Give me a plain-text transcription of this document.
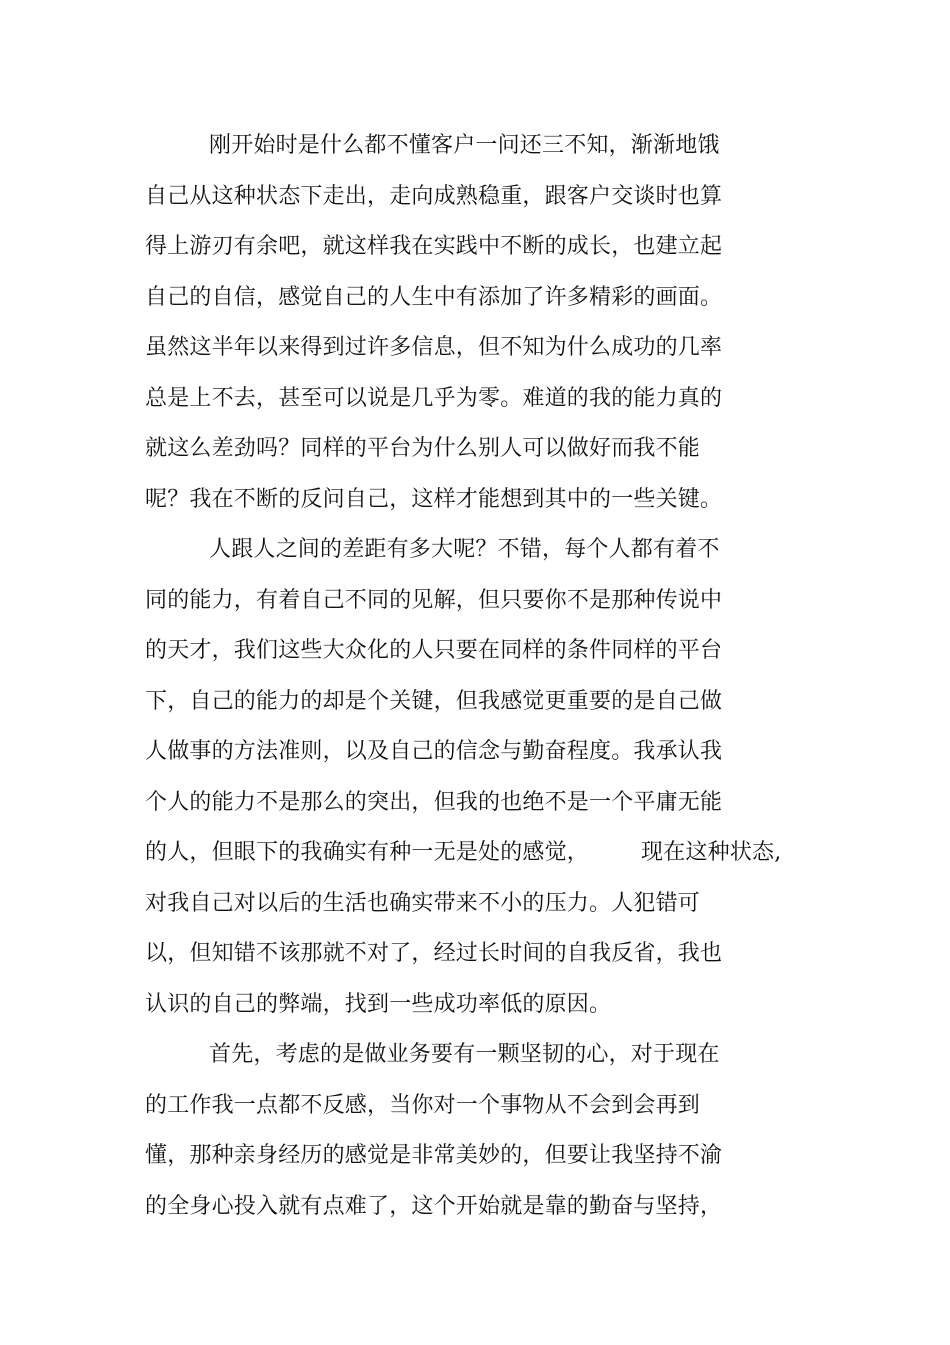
刚开始时是什么都不懂客户一问还三不知，渐渐地饿
自己从这种状态下走出，走向成熟稳重，跟客户交谈时也算
得上游刃有余吧，就这样我在实践中不断的成长，也建立起
自己的自信，感觉自己的人生中有添加了许多精彩的画面。
虽然这半年以来得到过许多信息，但不知为什么成功的几率
总是上不去，甚至可以说是几乎为零。难道的我的能力真的
就这么差劲吗？同样的平台为什么别人可以做好而我不能
呢？我在不断的反问自己，这样才能想到其中的一些关键。
人跟人之间的差距有多大呢？不错，每个人都有着不
同的能力，有着自己不同的见解，但只要你不是那种传说中
的天才，我们这些大众化的人只要在同样的条件同样的平台
下，自己的能力的却是个关键，但我感觉更重要的是自己做
人做事的方法准则，以及自己的信念与勤奋程度。我承认我
个人的能力不是那么的突出，但我的也绝不是一个平庸无能
的人，但眼下的我确实有种一无是处的感觉， 现在这种状态,
对我自己对以后的生活也确实带来不小的压力。人犯错可
以，但知错不该那就不对了，经过长时间的自我反省，我也
认识的自己的弊端，找到一些成功率低的原因。
首先，考虑的是做业务要有一颗坚韧的心，对于现在
的工作我一点都不反感，当你对一个事物从不会到会再到
懂，那种亲身经历的感觉是非常美妙的，但要让我坚持不渝
的全身心投入就有点难了，这个开始就是靠的勤奋与坚持，
